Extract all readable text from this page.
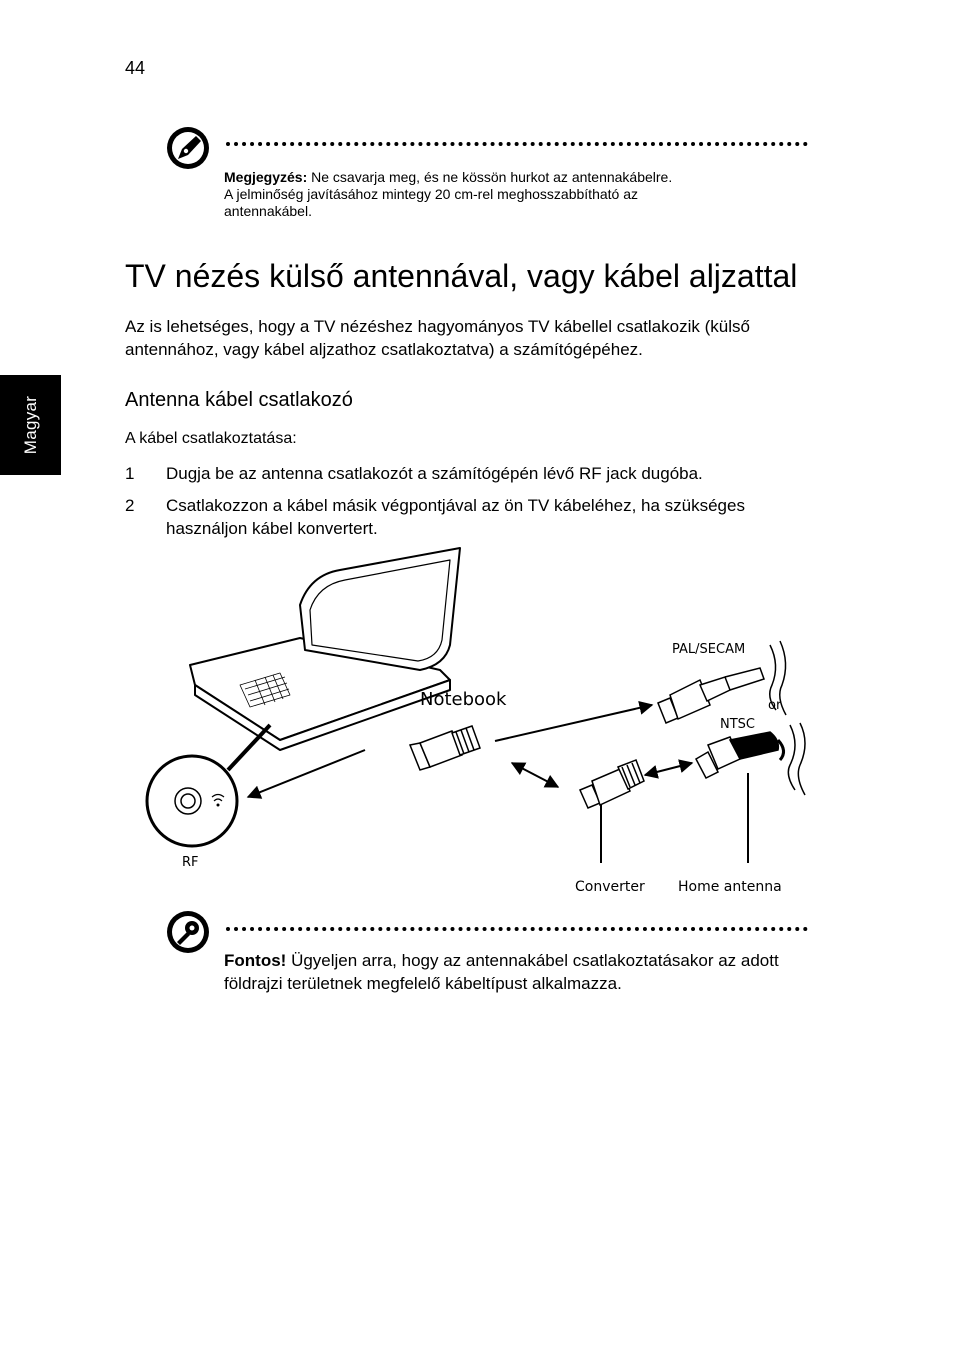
44
Magyar
Megjegyzés: Ne csavarja meg, és ne kössön hurkot az antennakábelre.
A jelminőség javításához mintegy 20 cm-rel meghosszabbítható az
antennakábel.
TV nézés külső antennával, vagy kábel aljzattal
Az is lehetséges, hogy a TV nézéshez hagyományos TV kábellel csatlakozik (külső antennához, vagy kábel aljzathoz csatlakoztatva) a számítógépéhez.
Antenna kábel csatlakozó
A kábel csatlakoztatása:
1 Dugja be az antenna csatlakozót a számítógépén lévő RF jack dugóba.
2 Csatlakozzon a kábel másik végpontjával az ön TV kábeléhez, ha szükséges használjon kábel konvertert.
Notebook
PAL/SECAM
or
NTSC
RF
Converter Home antenna
Fontos! Ügyeljen arra, hogy az antennakábel csatlakoztatásakor az adott földrajzi területnek megfelelő kábeltípust alkalmazza.
